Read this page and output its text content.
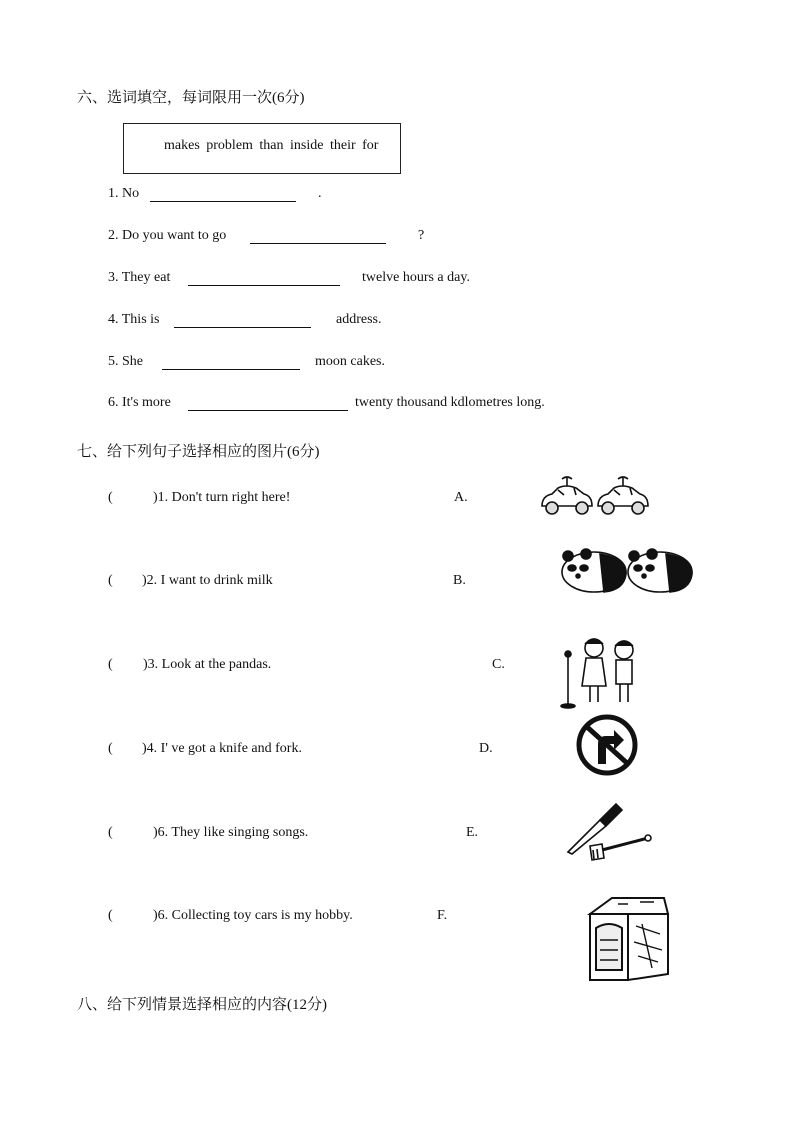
六、选词填空，每词限用一次(6分)
makes problem than inside their for
1. No	.
2. Do you want to go	?
3. They eat	twelve hours a day.
4. This is	address.
5. She	moon cakes.
6. It's more	twenty thousand kdlometres long.
七、给下列句子选择相应的图片(6分)
(	)1. Don't turn right here!	A.
( )2. I want to drink milk	B.
( )3. Look at the pandas.	C.
( )4. I' ve got a knife and fork.	D.
(	)6. They like singing songs.	E.
(	)6. Collecting toy cars is my hobby.	F.
八、给下列情景选择相应的内容(12分)
